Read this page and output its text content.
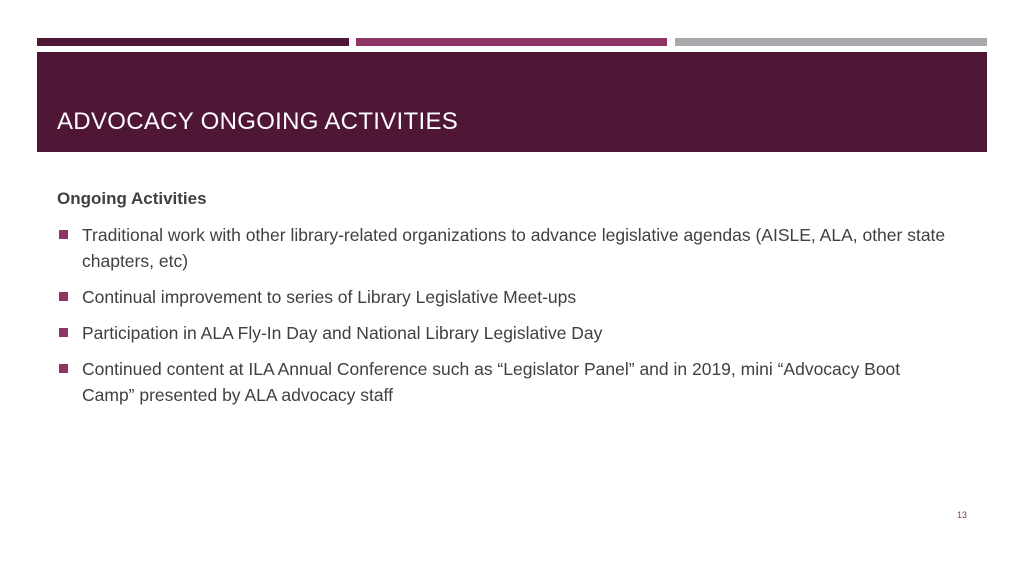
ADVOCACY ONGOING ACTIVITIES
Ongoing Activities
Traditional work with other library-related organizations to advance legislative agendas (AISLE, ALA, other state chapters, etc)
Continual improvement to series of Library Legislative Meet-ups
Participation in ALA Fly-In Day and National Library Legislative Day
Continued content at ILA Annual Conference such as “Legislator Panel” and in 2019, mini “Advocacy Boot Camp” presented by ALA advocacy staff
13
